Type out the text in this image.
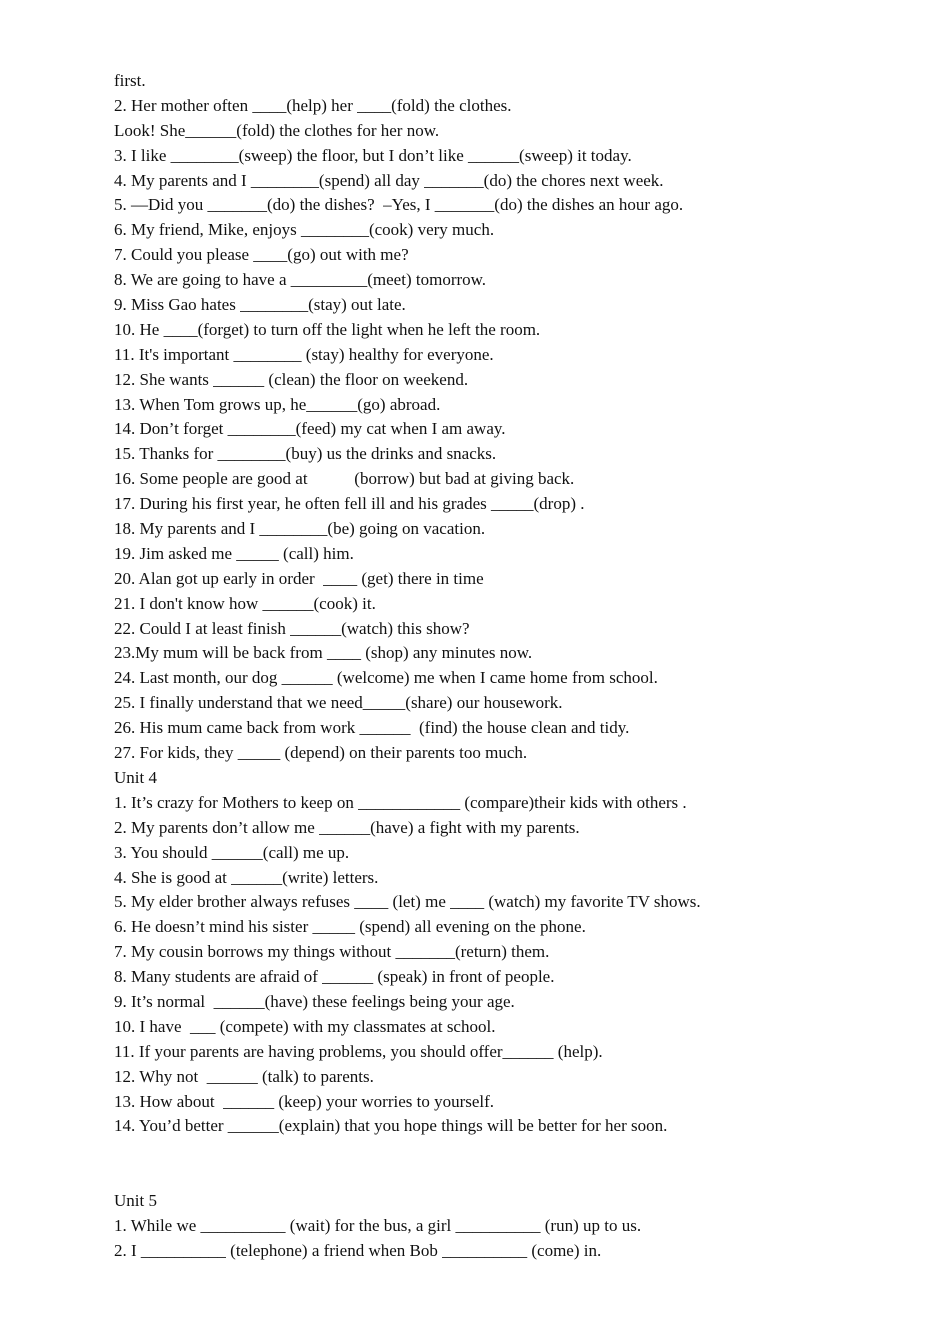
first.
2. Her mother often ____(help) her ____(fold) the clothes.
Look! She______(fold) the clothes for her now.
3. I like ________(sweep) the floor, but I don’t like ______(sweep) it today.
4. My parents and I ________(spend) all day _______(do) the chores next week.
5. —Did you _______(do) the dishes?  –Yes, I _______(do) the dishes an hour ago.
6. My friend, Mike, enjoys ________(cook) very much.
7. Could you please ____(go) out with me?
8. We are going to have a _________(meet) tomorrow.
9. Miss Gao hates ________(stay) out late.
10. He ____(forget) to turn off the light when he left the room.
11. It's important ________ (stay) healthy for everyone.
12. She wants ______ (clean) the floor on weekend.
13. When Tom grows up, he______(go) abroad.
14. Don’t forget ________(feed) my cat when I am away.
15. Thanks for ________(buy) us the drinks and snacks.
16. Some people are good at           (borrow) but bad at giving back.
17. During his first year, he often fell ill and his grades _____(drop) .
18. My parents and I ________(be) going on vacation.
19. Jim asked me _____ (call) him.
20. Alan got up early in order  ____ (get) there in time
21. I don't know how ______(cook) it.
22. Could I at least finish ______(watch) this show?
23.My mum will be back from ____ (shop) any minutes now.
24. Last month, our dog ______ (welcome) me when I came home from school.
25. I finally understand that we need_____(share) our housework.
26. His mum came back from work ______  (find) the house clean and tidy.
27. For kids, they _____ (depend) on their parents too much.
Unit 4
1. It’s crazy for Mothers to keep on ____________ (compare)their kids with others .
2. My parents don’t allow me ______(have) a fight with my parents.
3. You should ______(call) me up.
4. She is good at ______(write) letters.
5. My elder brother always refuses ____ (let) me ____ (watch) my favorite TV shows.
6. He doesn’t mind his sister _____ (spend) all evening on the phone.
7. My cousin borrows my things without _______(return) them.
8. Many students are afraid of ______ (speak) in front of people.
9. It’s normal  ______(have) these feelings being your age.
10. I have  ___ (compete) with my classmates at school.
11. If your parents are having problems, you should offer______ (help).
12. Why not  ______ (talk) to parents.
13. How about  ______ (keep) your worries to yourself.
14. You’d better ______(explain) that you hope things will be better for her soon.
Unit 5
1. While we __________ (wait) for the bus, a girl __________ (run) up to us.
2. I __________ (telephone) a friend when Bob __________ (come) in.
